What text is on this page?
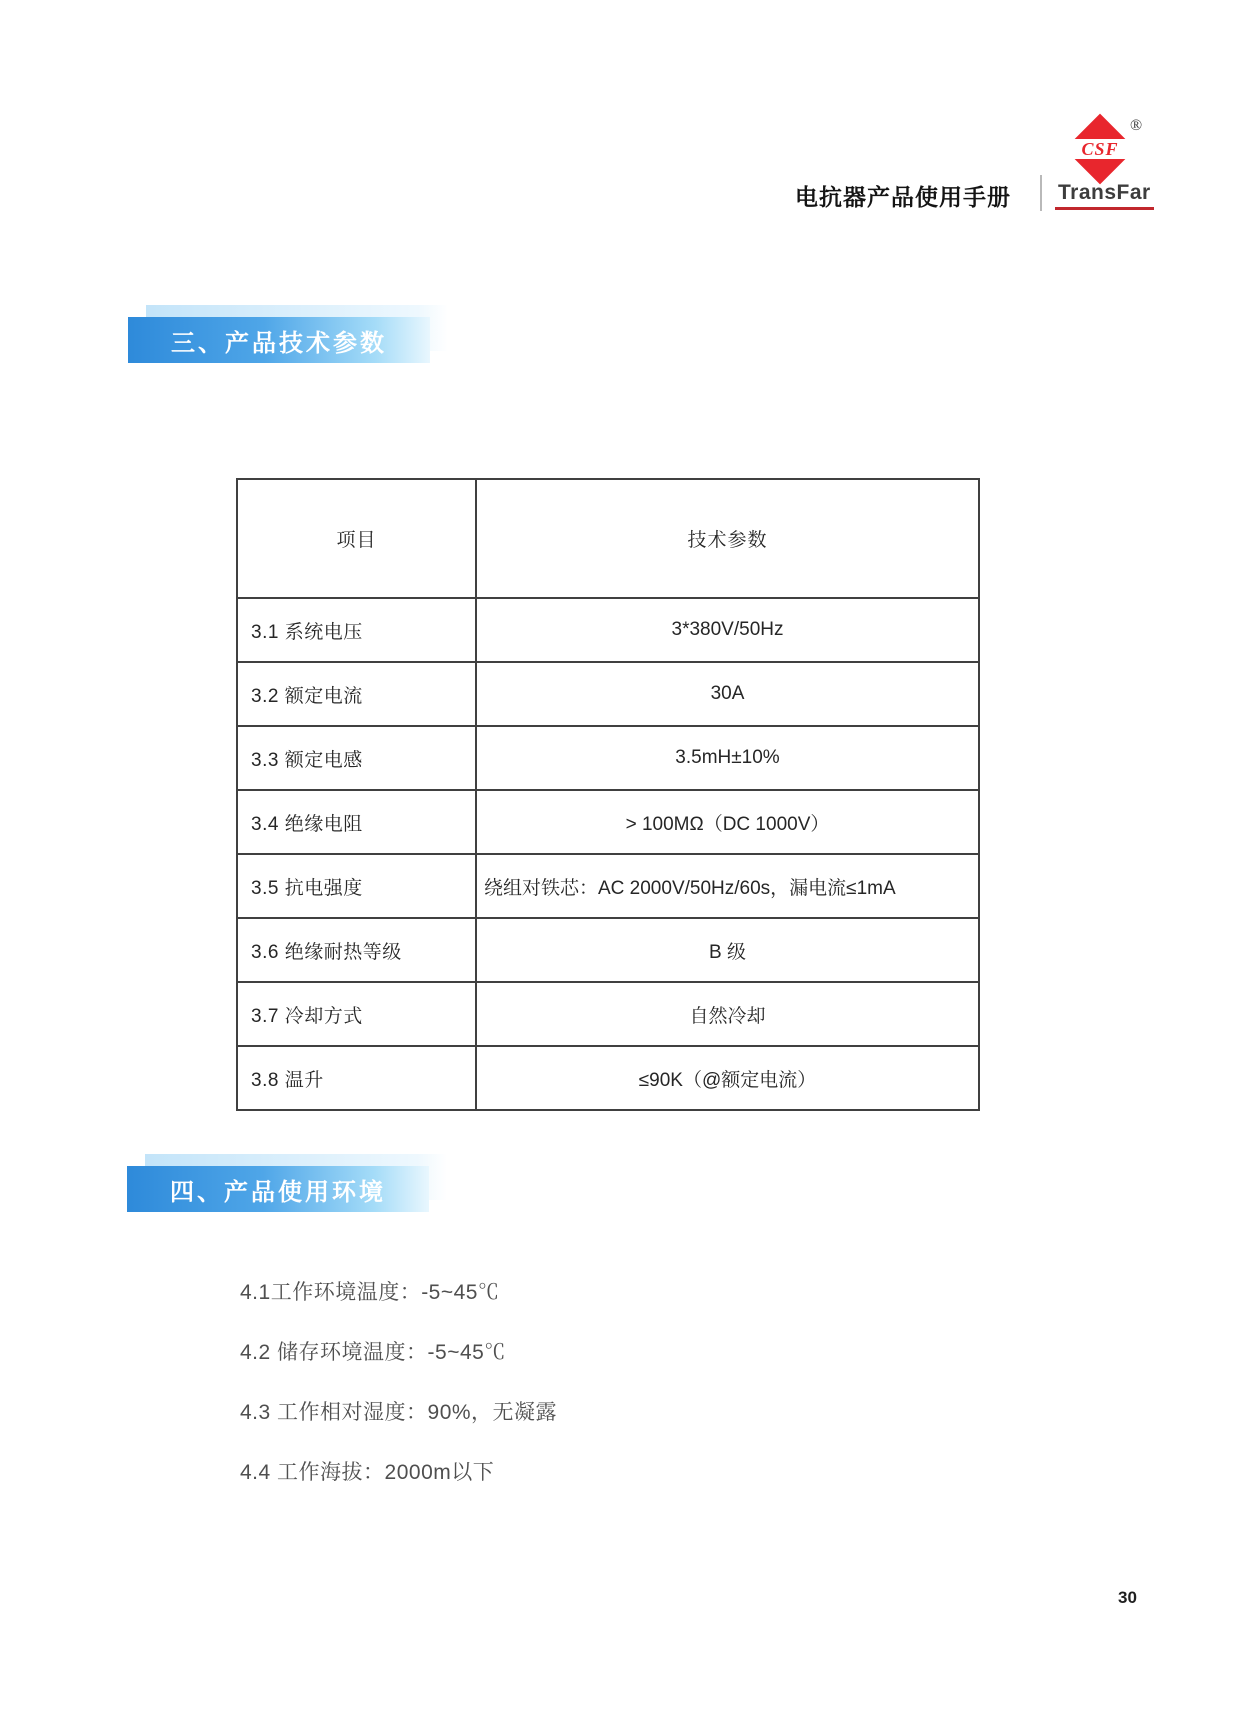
电抗器产品使用手册
CSF
®
TransFar
三、产品技术参数
项目	技术参数
3.1 系统电压	3*380V/50Hz
3.2 额定电流	30A
3.3 额定电感	3.5mH±10%
3.4 绝缘电阻	> 100MΩ（DC 1000V）
3.5 抗电强度	绕组对铁芯：AC 2000V/50Hz/60s，漏电流≤1mA
3.6 绝缘耐热等级	B 级
3.7 冷却方式	自然冷却
3.8 温升	≤90K（@额定电流）
四、产品使用环境
4.1工作环境温度：-5~45℃
4.2 储存环境温度：-5~45℃
4.3 工作相对湿度：90%，无凝露
4.4 工作海拔：2000m以下
30
